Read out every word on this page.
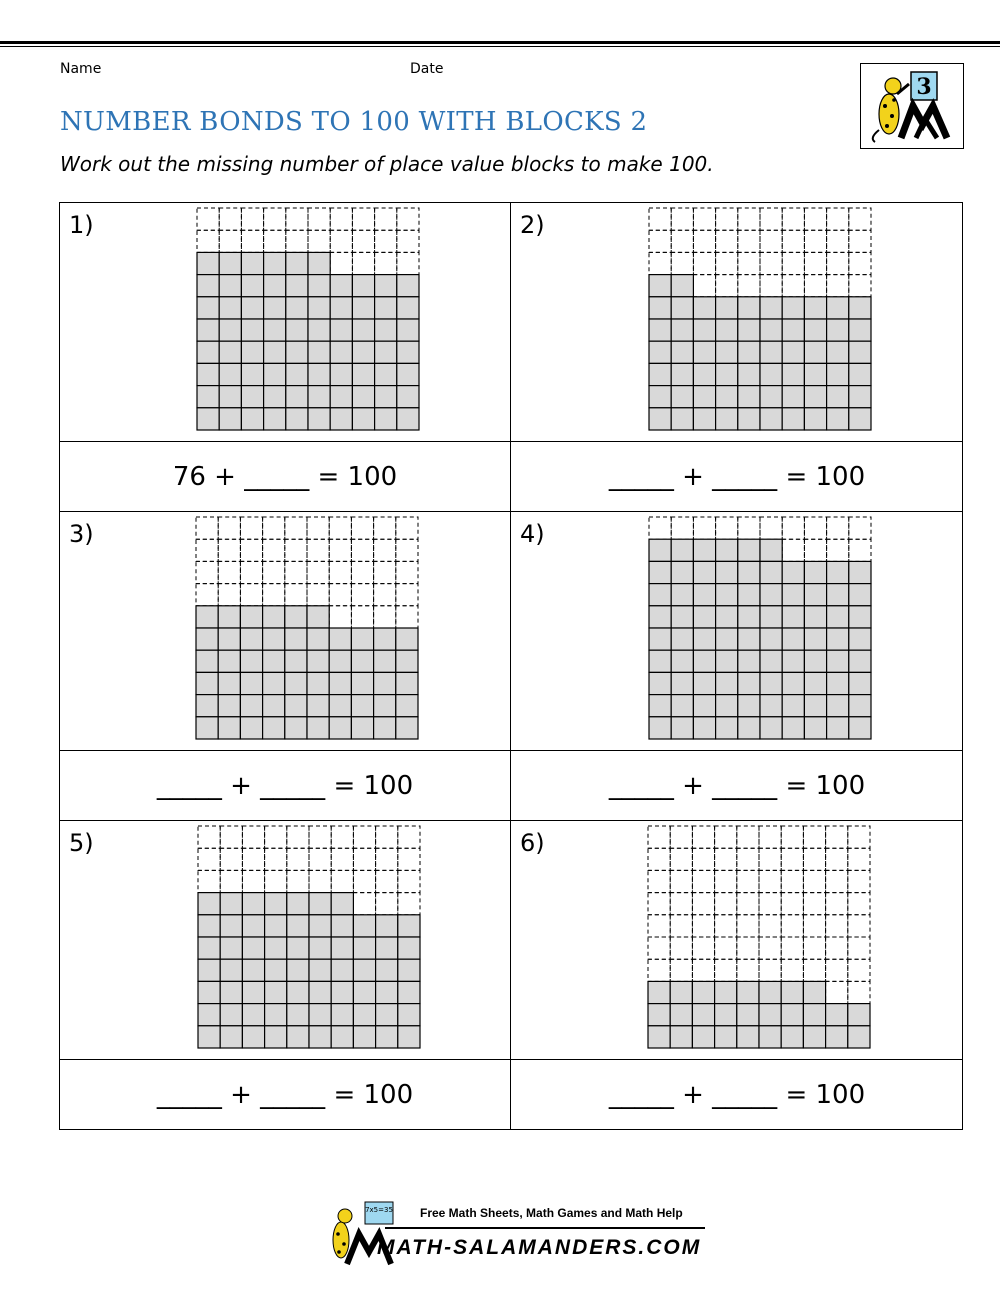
Name	Date
NUMBER BONDS TO 100 WITH BLOCKS 2
Work out the missing number of place value blocks to make 100.
3
1)	2)
76 + _____ = 100	_____ + _____ = 100
3)	4)
_____ + _____ = 100	_____ + _____ = 100
5)	6)
_____ + _____ = 100	_____ + _____ = 100
7x5=35 Free Math Sheets, Math Games and Math Help
MATH-SALAMANDERS.COM
